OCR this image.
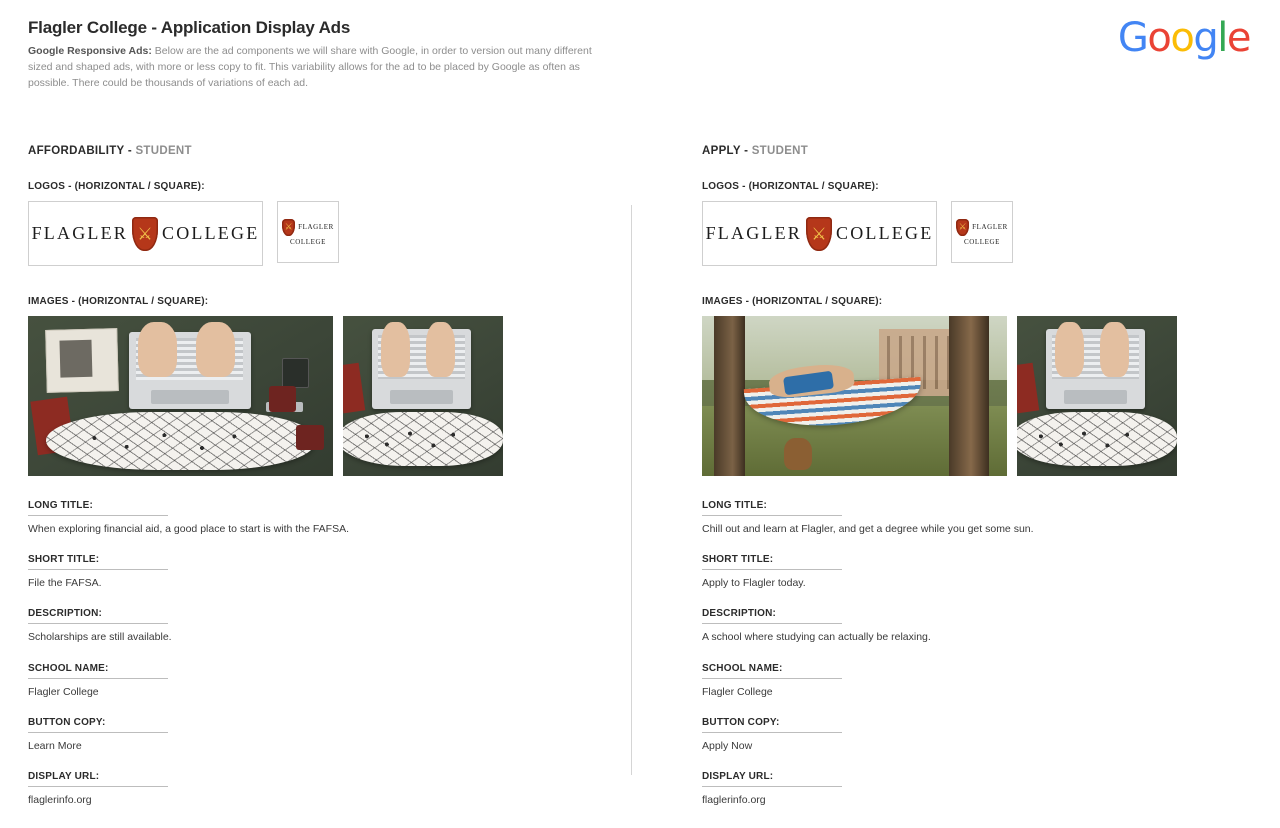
Flagler College - Application Display Ads

Google Responsive Ads: Below are the ad components we will share with Google, in order to version out many different sized and shaped ads, with more or less copy to fit. This variability allows for the ad to be placed by Google as often as possible. There could be thousands of variations of each ad.

Google
AFFORDABILITY - STUDENT
LOGOS - (HORIZONTAL / SQUARE):
FLAGLER ⚔ COLLEGE	⚔ FLAGLER
COLLEGE
IMAGES - (HORIZONTAL / SQUARE):
LONG TITLE:
When exploring financial aid, a good place to start is with the FAFSA.
SHORT TITLE:
File the FAFSA.
DESCRIPTION:
Scholarships are still available.
SCHOOL NAME:
Flagler College
BUTTON COPY:
Learn More
DISPLAY URL:
flaglerinfo.org
APPLY - STUDENT
LOGOS - (HORIZONTAL / SQUARE):
FLAGLER ⚔ COLLEGE	⚔ FLAGLER
COLLEGE
IMAGES - (HORIZONTAL / SQUARE):
LONG TITLE:
Chill out and learn at Flagler, and get a degree while you get some sun.
SHORT TITLE:
Apply to Flagler today.
DESCRIPTION:
A school where studying can actually be relaxing.
SCHOOL NAME:
Flagler College
BUTTON COPY:
Apply Now
DISPLAY URL:
flaglerinfo.org
